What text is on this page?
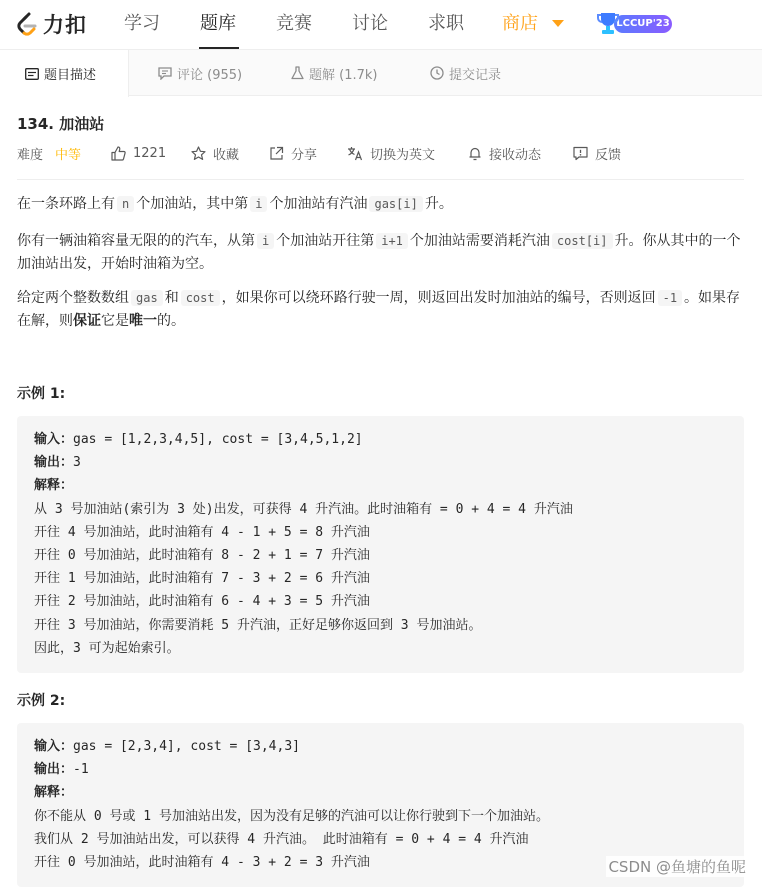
力扣 学习 题库 竞赛 讨论 求职 商店	LCCUP'23
题目描述	评论 (955)	题解 (1.7k)	提交记录
134. 加油站
难度 中等	1221	收藏	分享	切换为英文	接收动态	反馈
在一条环路上有 n 个加油站，其中第 i 个加油站有汽油 gas[i] 升。
你有一辆油箱容量无限的的汽车，从第 i 个加油站开往第 i+1 个加油站需要消耗汽油 cost[i] 升。你从其中的一个加油站出发，开始时油箱为空。
给定两个整数数组 gas 和 cost ，如果你可以绕环路行驶一周，则返回出发时加油站的编号，否则返回 -1 。如果存在解，则保证它是唯一的。
示例 1:
输入：gas = [1,2,3,4,5], cost = [3,4,5,1,2]
输出：3
解释：
从 3 号加油站(索引为 3 处)出发，可获得 4 升汽油。此时油箱有 = 0 + 4 = 4 升汽油
开往 4 号加油站，此时油箱有 4 - 1 + 5 = 8 升汽油
开往 0 号加油站，此时油箱有 8 - 2 + 1 = 7 升汽油
开往 1 号加油站，此时油箱有 7 - 3 + 2 = 6 升汽油
开往 2 号加油站，此时油箱有 6 - 4 + 3 = 5 升汽油
开往 3 号加油站，你需要消耗 5 升汽油，正好足够你返回到 3 号加油站。
因此，3 可为起始索引。
示例 2:
输入：gas = [2,3,4], cost = [3,4,3]
输出：-1
解释：
你不能从 0 号或 1 号加油站出发，因为没有足够的汽油可以让你行驶到下一个加油站。
我们从 2 号加油站出发，可以获得 4 升汽油。 此时油箱有 = 0 + 4 = 4 升汽油
开往 0 号加油站，此时油箱有 4 - 3 + 2 = 3 升汽油	CSDN @鱼塘的鱼呢
